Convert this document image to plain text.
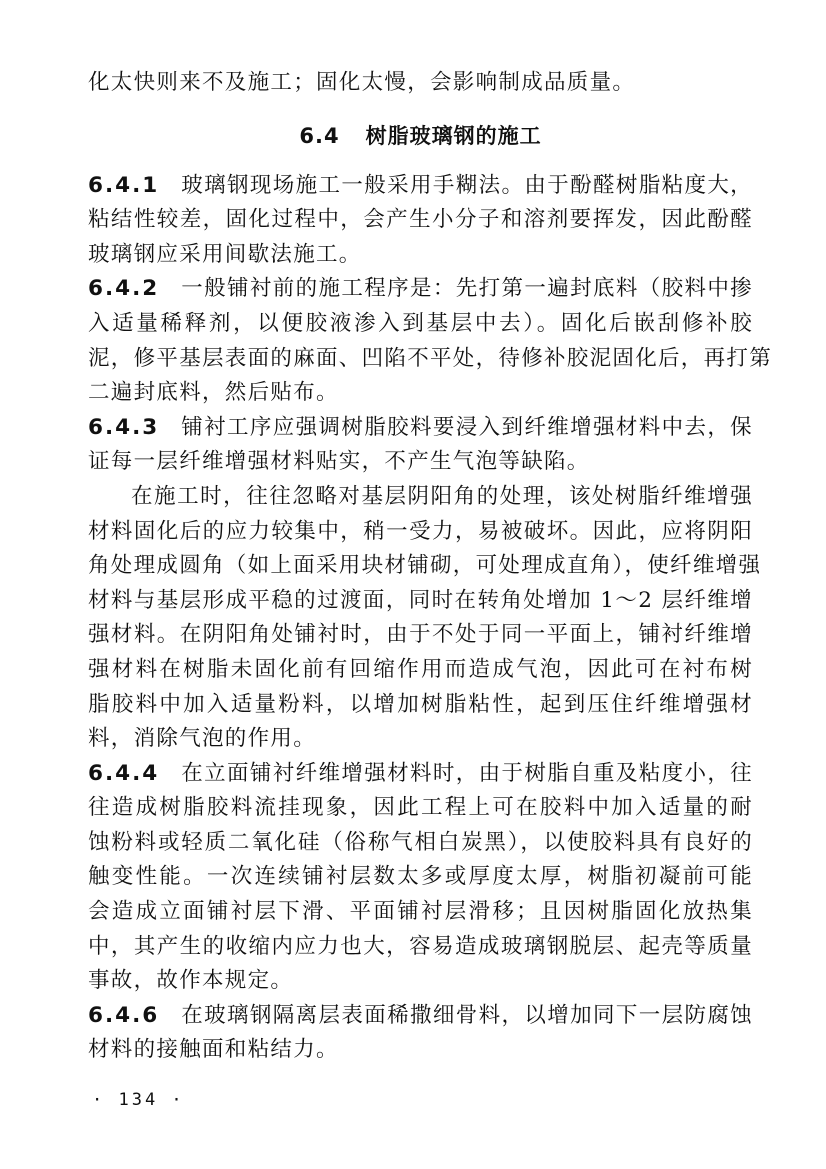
化太快则来不及施工；固化太慢，会影响制成品质量。
6.4 树脂玻璃钢的施工
6.4.1 玻璃钢现场施工一般采用手糊法。由于酚醛树脂粘度大，
粘结性较差，固化过程中，会产生小分子和溶剂要挥发，因此酚醛
玻璃钢应采用间歇法施工。
6.4.2 一般铺衬前的施工程序是：先打第一遍封底料（胶料中掺
入适量稀释剂，以便胶液渗入到基层中去）。固化后嵌刮修补胶
泥，修平基层表面的麻面、凹陷不平处，待修补胶泥固化后，再打第
二遍封底料，然后贴布。
6.4.3 铺衬工序应强调树脂胶料要浸入到纤维增强材料中去，保
证每一层纤维增强材料贴实，不产生气泡等缺陷。
在施工时，往往忽略对基层阴阳角的处理，该处树脂纤维增强
材料固化后的应力较集中，稍一受力，易被破坏。因此，应将阴阳
角处理成圆角（如上面采用块材铺砌，可处理成直角），使纤维增强
材料与基层形成平稳的过渡面，同时在转角处增加 1～2 层纤维增
强材料。在阴阳角处铺衬时，由于不处于同一平面上，铺衬纤维增
强材料在树脂未固化前有回缩作用而造成气泡，因此可在衬布树
脂胶料中加入适量粉料，以增加树脂粘性，起到压住纤维增强材
料，消除气泡的作用。
6.4.4 在立面铺衬纤维增强材料时，由于树脂自重及粘度小，往
往造成树脂胶料流挂现象，因此工程上可在胶料中加入适量的耐
蚀粉料或轻质二氧化硅（俗称气相白炭黑），以使胶料具有良好的
触变性能。一次连续铺衬层数太多或厚度太厚，树脂初凝前可能
会造成立面铺衬层下滑、平面铺衬层滑移；且因树脂固化放热集
中，其产生的收缩内应力也大，容易造成玻璃钢脱层、起壳等质量
事故，故作本规定。
6.4.6 在玻璃钢隔离层表面稀撒细骨料，以增加同下一层防腐蚀
材料的接触面和粘结力。
· 134 ·
